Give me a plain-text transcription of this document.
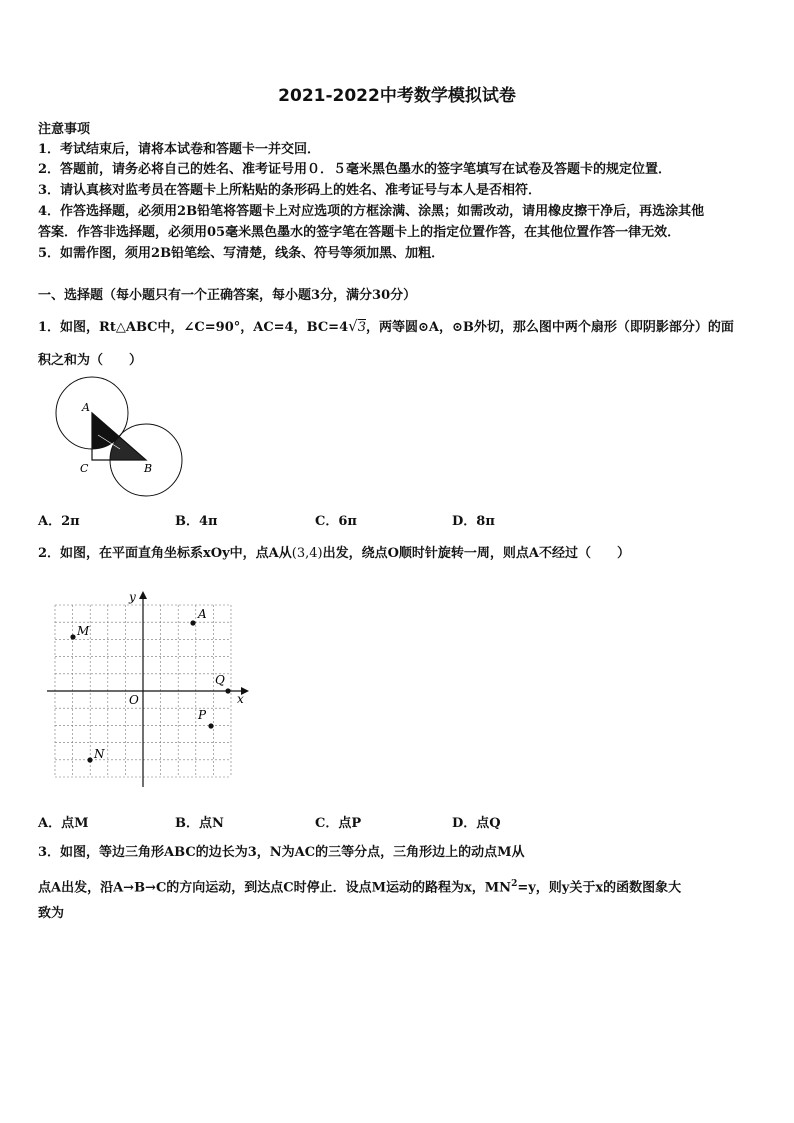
2021-2022中考数学模拟试卷
注意事项
1．考试结束后，请将本试卷和答题卡一并交回．
2．答题前，请务必将自己的姓名、准考证号用０．５毫米黑色墨水的签字笔填写在试卷及答题卡的规定位置．
3．请认真核对监考员在答题卡上所粘贴的条形码上的姓名、准考证号与本人是否相符．
4．作答选择题，必须用2B铅笔将答题卡上对应选项的方框涂满、涂黑；如需改动，请用橡皮擦干净后，再选涂其他
答案．作答非选择题，必须用05毫米黑色墨水的签字笔在答题卡上的指定位置作答，在其他位置作答一律无效．
5．如需作图，须用2B铅笔绘、写清楚，线条、符号等须加黑、加粗．
一、选择题（每小题只有一个正确答案，每小题3分，满分30分）
1．如图，Rt△ABC中，∠C=90°，AC=4，BC=4√3，两等圆⊙A，⊙B外切，那么图中两个扇形（即阴影部分）的面
积之和为（　　）
A
C	B
A．2π	B．4π	C．6π	D．8π
2．如图，在平面直角坐标系xOy中，点A从(3,4)出发，绕点O顺时针旋转一周，则点A不经过（　　）
y
x
O
A
M
N
P
Q
A．点M	B．点N	C．点P	D．点Q
3．如图，等边三角形ABC的边长为3，N为AC的三等分点，三角形边上的动点M从
点A出发，沿A→B→C的方向运动，到达点C时停止．设点M运动的路程为x，$MN^2=y$，则y关于x的函数图象大
致为
